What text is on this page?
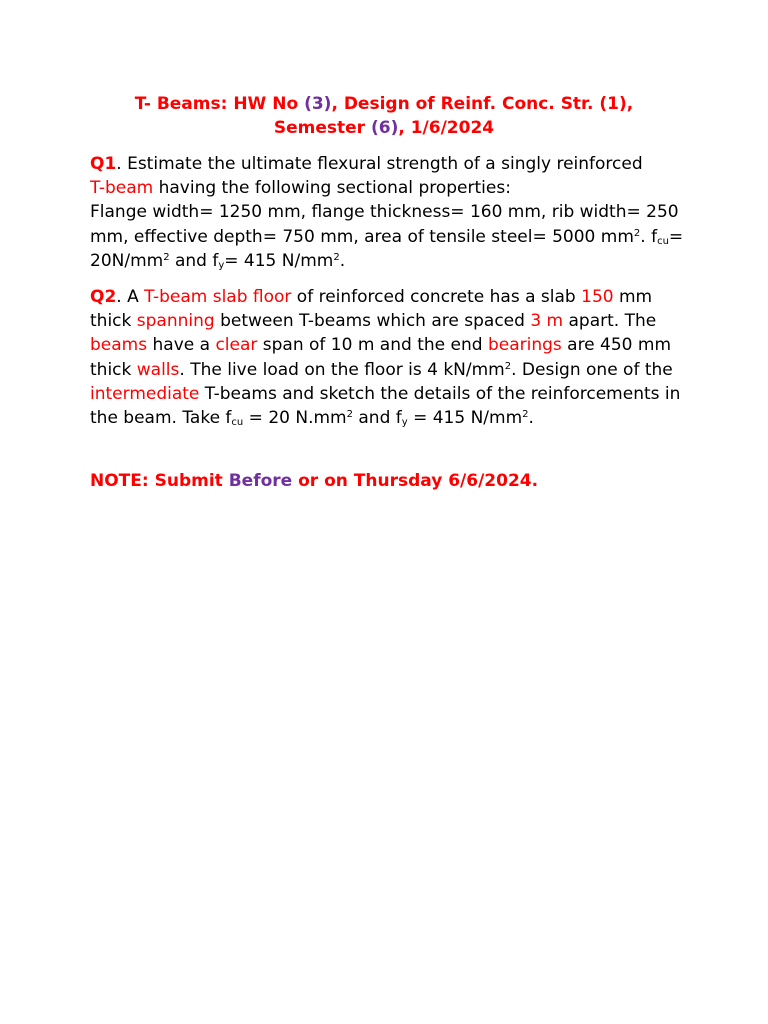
T- Beams: HW No (3), Design of Reinf. Conc. Str. (1),
Semester (6), 1/6/2024
Q1. Estimate the ultimate flexural strength of a singly reinforced
T-beam having the following sectional properties:
Flange width= 1250 mm, flange thickness= 160 mm, rib width= 250 mm, effective depth= 750 mm, area of tensile steel= 5000 $mm^2$. $f_{cu}= 20N/mm^2$ and $f_y= 415$ $N/mm^2$.
Q2. A T-beam slab floor of reinforced concrete has a slab 150 mm thick spanning between T-beams which are spaced 3 m apart. The beams have a clear span of 10 m and the end bearings are 450 mm thick walls. The live load on the floor is 4 $kN/mm^2$. Design one of the intermediate T-beams and sketch the details of the reinforcements in the beam. Take $f_{cu} = 20$ $N.mm^2$ and $f_y = 415$ $N/mm^2$.
NOTE: Submit Before or on Thursday 6/6/2024.
